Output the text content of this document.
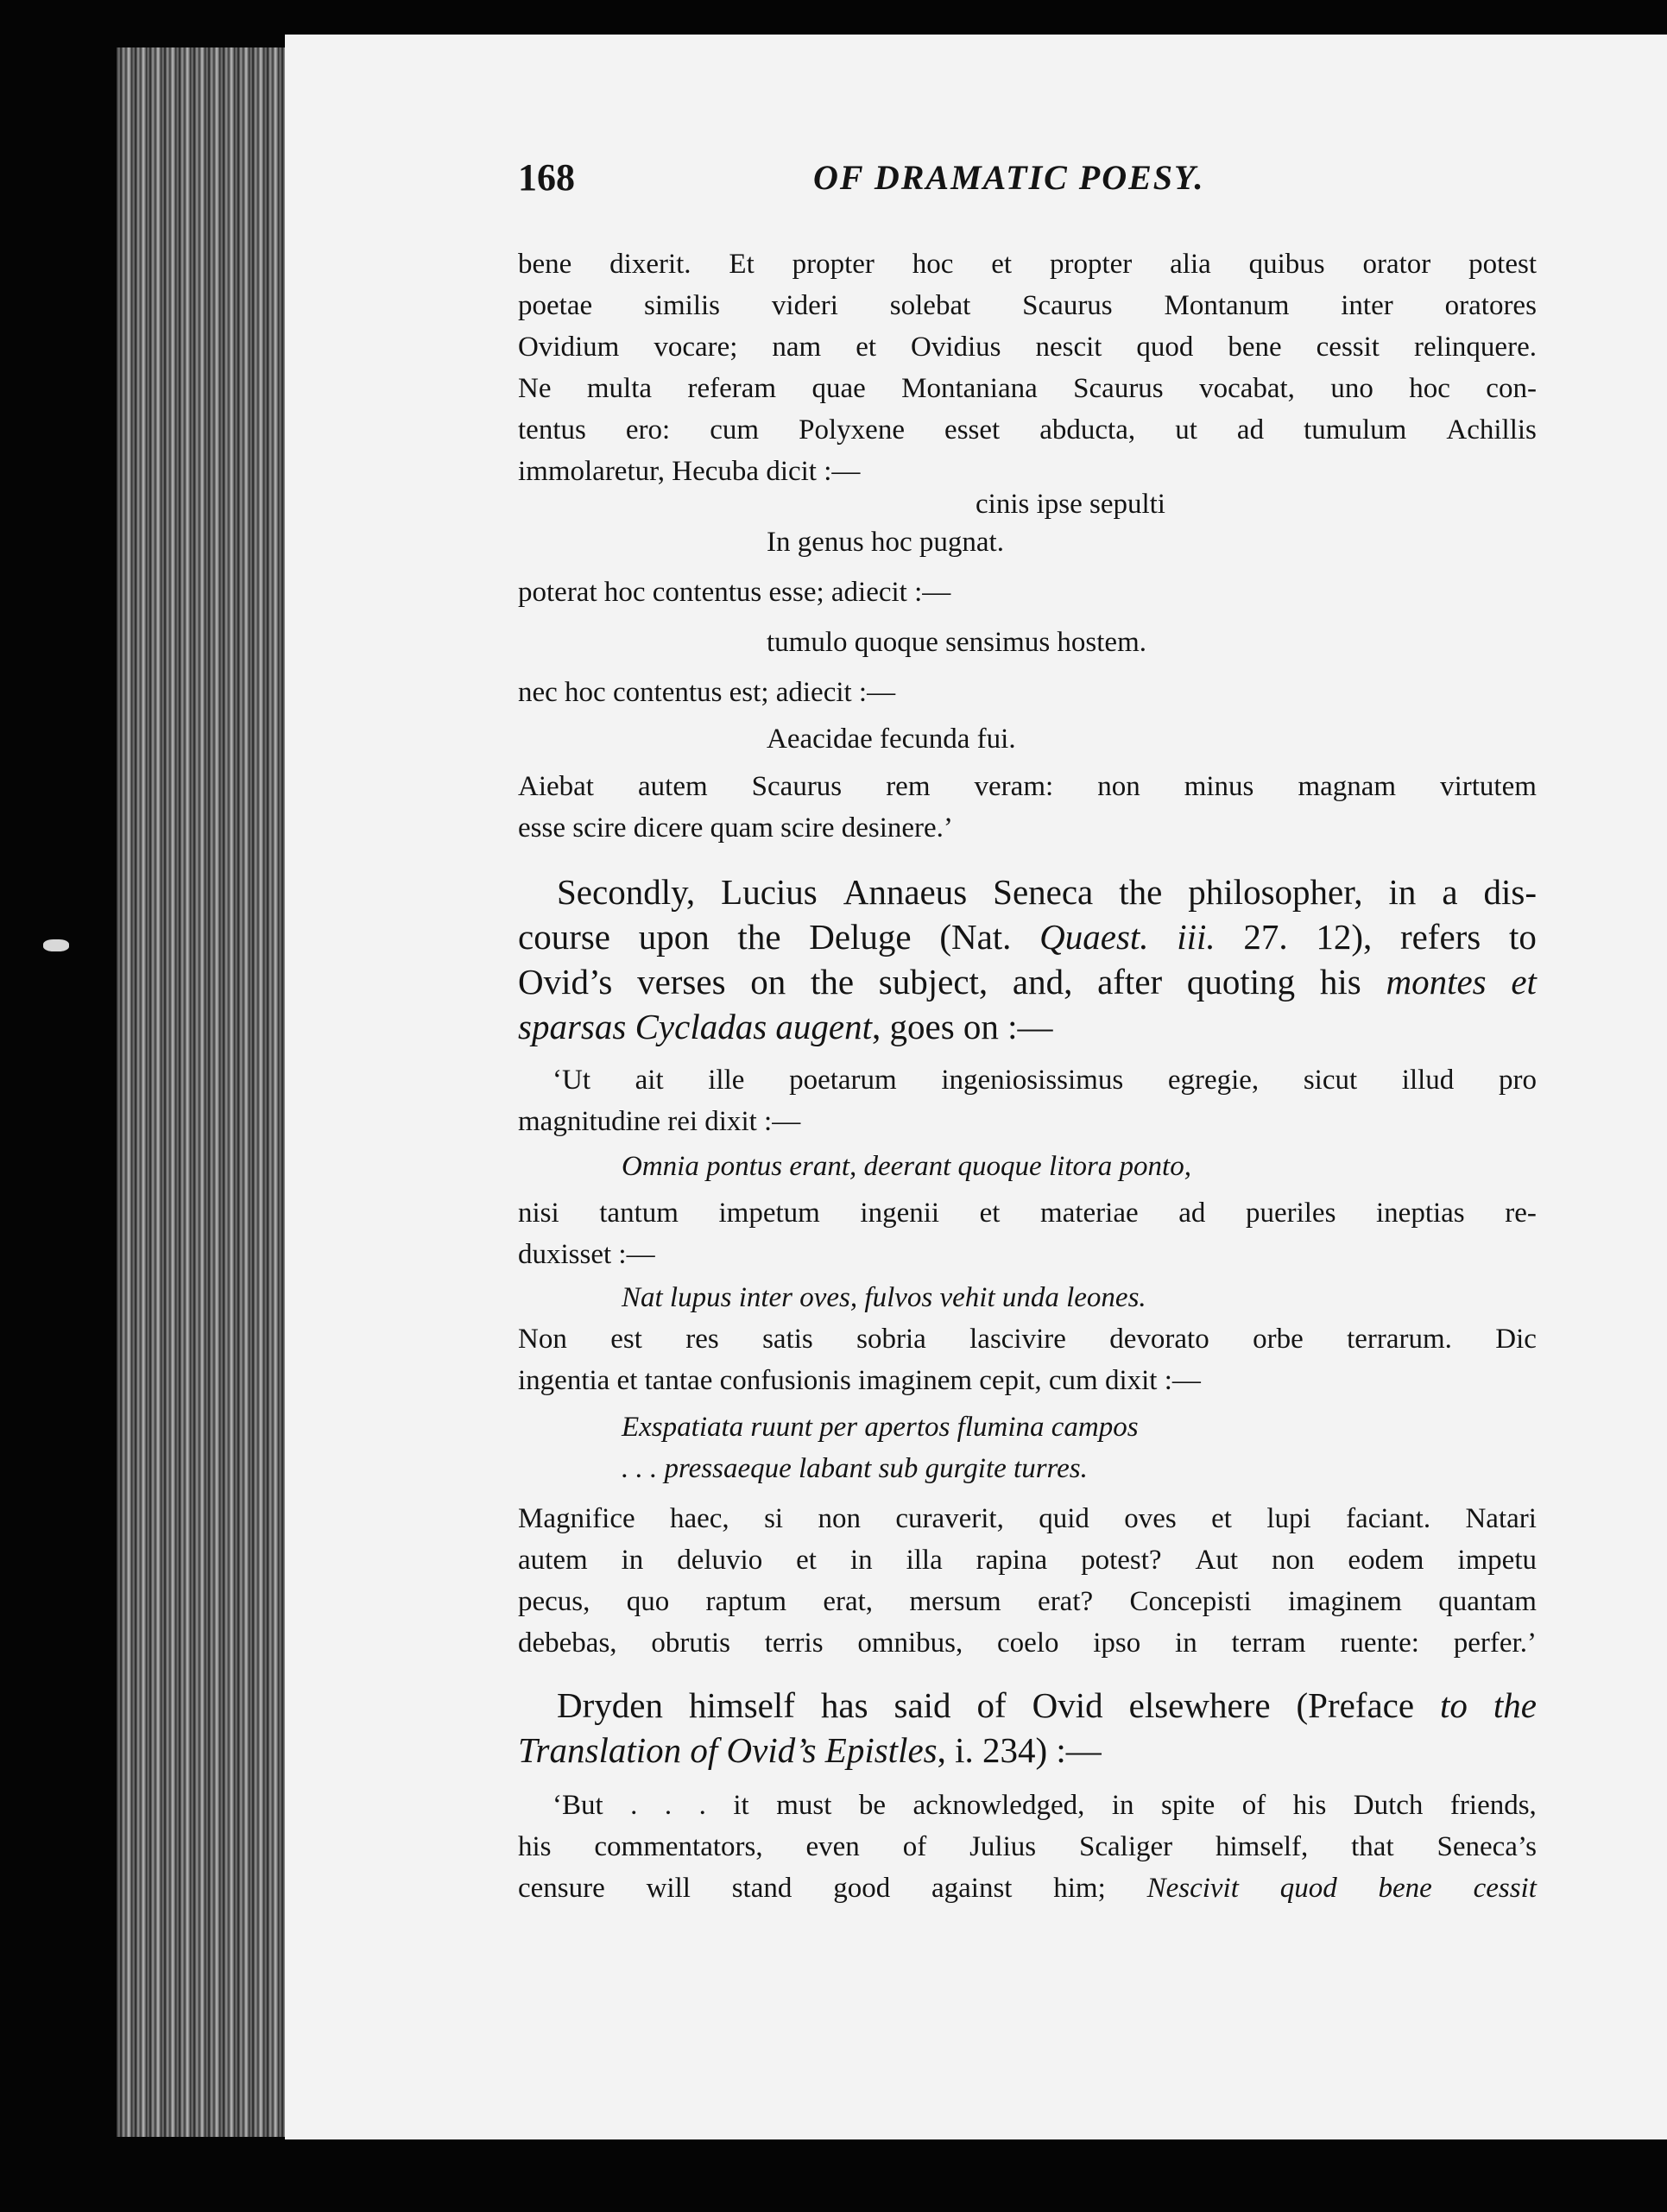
168	OF DRAMATIC POESY.
bene dixerit. Et propter hoc et propter alia quibus orator potest
poetae similis videri solebat Scaurus Montanum inter oratores
Ovidium vocare; nam et Ovidius nescit quod bene cessit relinquere.
Ne multa referam quae Montaniana Scaurus vocabat, uno hoc con-
tentus ero: cum Polyxene esset abducta, ut ad tumulum Achillis
immolaretur, Hecuba dicit :—
cinis ipse sepulti
In genus hoc pugnat.
poterat hoc contentus esse; adiecit :—
tumulo quoque sensimus hostem.
nec hoc contentus est; adiecit :—
Aeacidae fecunda fui.
Aiebat autem Scaurus rem veram: non minus magnam virtutem
esse scire dicere quam scire desinere.’
Secondly, Lucius Annaeus Seneca the philosopher, in a dis-
course upon the Deluge (Nat. Quaest. iii. 27. 12), refers to
Ovid’s verses on the subject, and, after quoting his montes et
sparsas Cycladas augent, goes on :—
‘Ut ait ille poetarum ingeniosissimus egregie, sicut illud pro
magnitudine rei dixit :—
Omnia pontus erant, deerant quoque litora ponto,
nisi tantum impetum ingenii et materiae ad pueriles ineptias re-
duxisset :—
Nat lupus inter oves, fulvos vehit unda leones.
Non est res satis sobria lascivire devorato orbe terrarum. Dic
ingentia et tantae confusionis imaginem cepit, cum dixit :—
Exspatiata ruunt per apertos flumina campos
. . . pressaeque labant sub gurgite turres.
Magnifice haec, si non curaverit, quid oves et lupi faciant. Natari
autem in deluvio et in illa rapina potest? Aut non eodem impetu
pecus, quo raptum erat, mersum erat? Concepisti imaginem quantam
debebas, obrutis terris omnibus, coelo ipso in terram ruente: perfer.’
Dryden himself has said of Ovid elsewhere (Preface to the
Translation of Ovid’s Epistles, i. 234) :—
‘But . . . it must be acknowledged, in spite of his Dutch friends,
his commentators, even of Julius Scaliger himself, that Seneca’s
censure will stand good against him; Nescivit quod bene cessit
